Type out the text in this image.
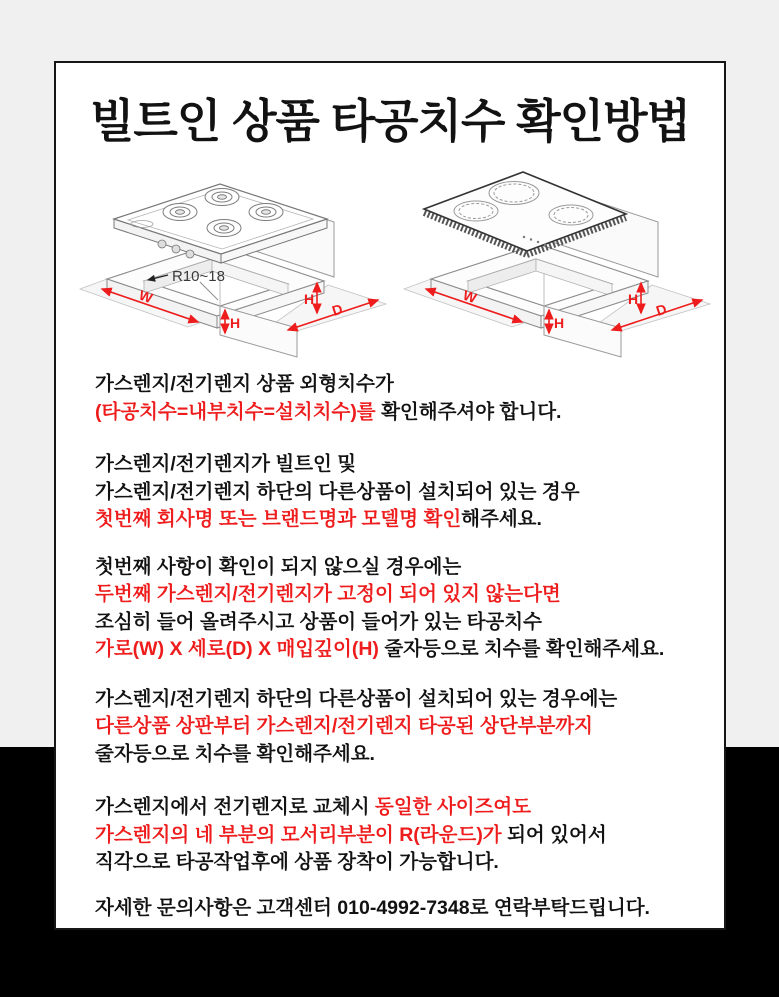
빌트인 상품 타공치수 확인방법
R10~18
W
D
H
H
W
D
H
H

가스렌지/전기렌지 상품 외형치수가
(타공치수=내부치수=설치치수)를 확인해주셔야 합니다.

가스렌지/전기렌지가 빌트인 및
가스렌지/전기렌지 하단의 다른상품이 설치되어 있는 경우
첫번째 회사명 또는 브랜드명과 모델명 확인해주세요.

첫번째 사항이 확인이 되지 않으실 경우에는
두번째 가스렌지/전기렌지가 고정이 되어 있지 않는다면
조심히 들어 올려주시고 상품이 들어가 있는 타공치수
가로(W) X 세로(D) X 매입깊이(H) 줄자등으로 치수를 확인해주세요.

가스렌지/전기렌지 하단의 다른상품이 설치되어 있는 경우에는
다른상품 상판부터 가스렌지/전기렌지 타공된 상단부분까지
줄자등으로 치수를 확인해주세요.

가스렌지에서 전기렌지로 교체시 동일한 사이즈여도
가스렌지의 네 부분의 모서리부분이 R(라운드)가 되어 있어서
직각으로 타공작업후에 상품 장착이 가능합니다.

자세한 문의사항은 고객센터 010-4992-7348로 연락부탁드립니다.
